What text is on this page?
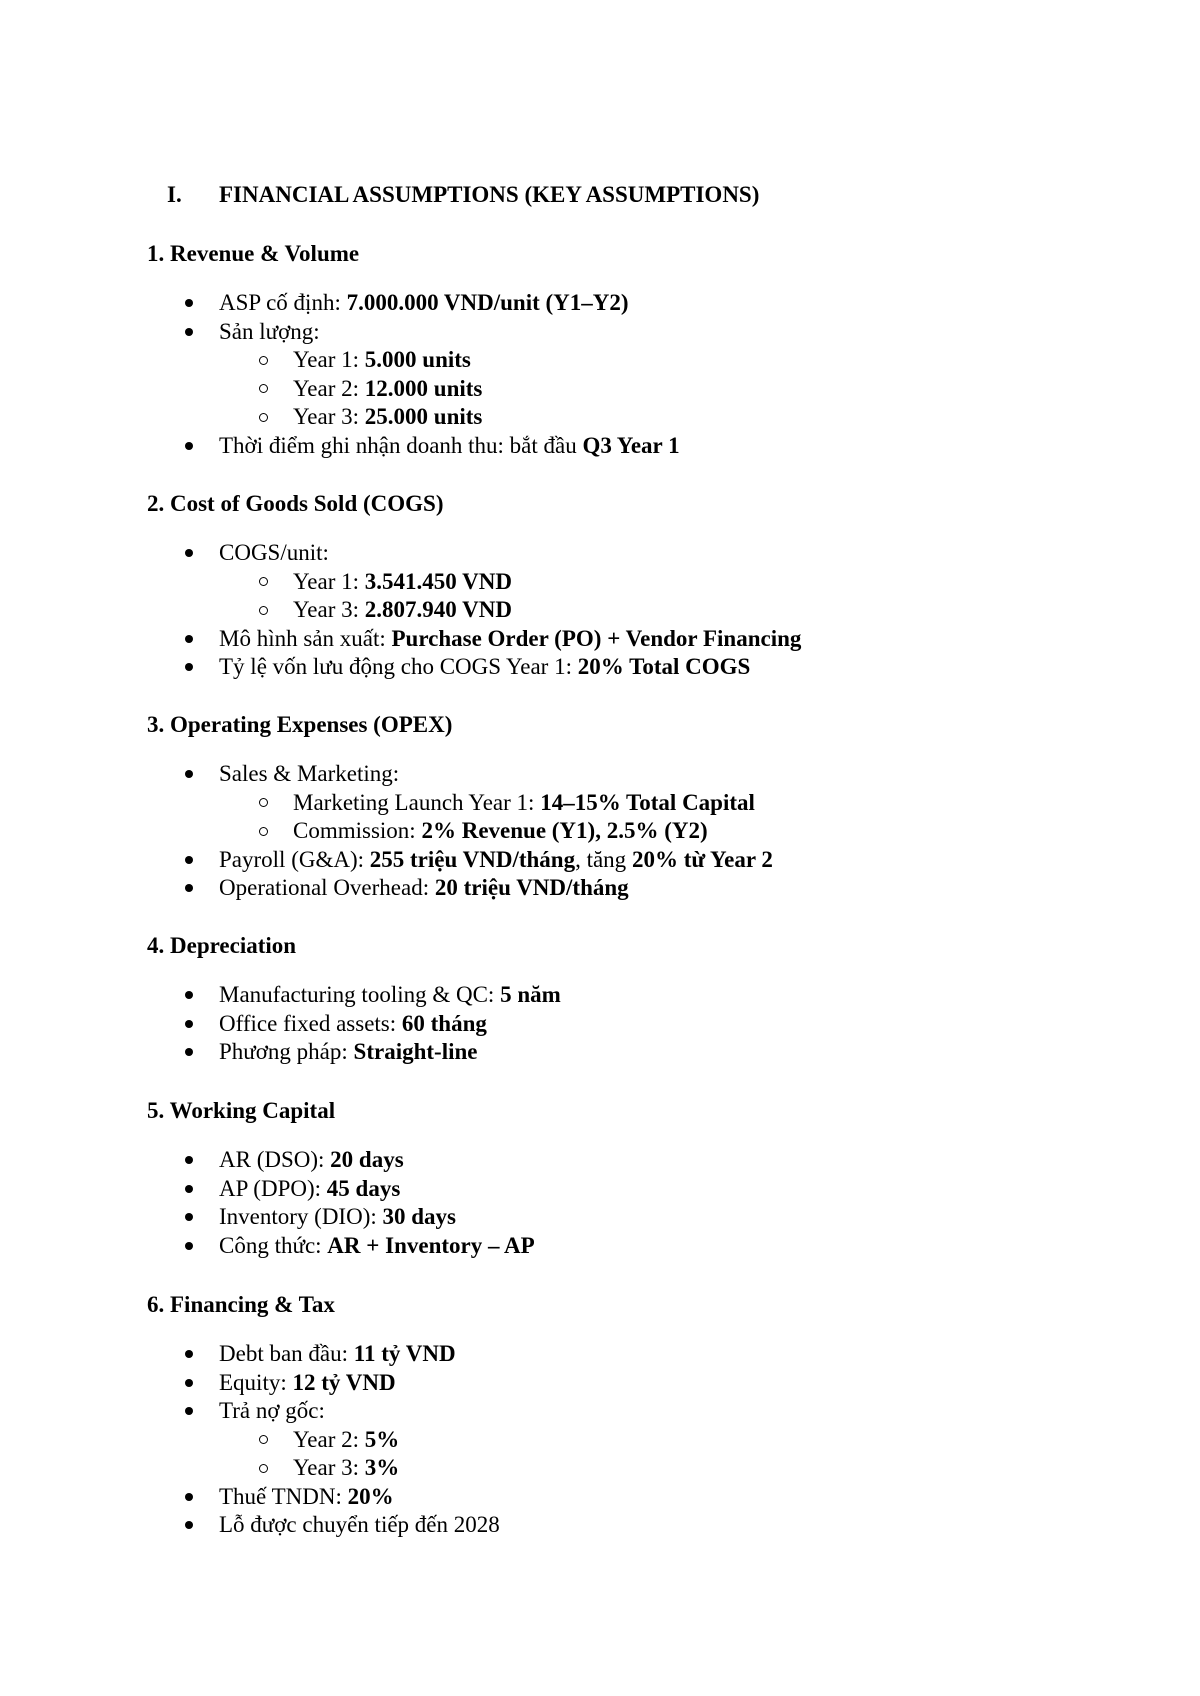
I. FINANCIAL ASSUMPTIONS (KEY ASSUMPTIONS)
1. Revenue & Volume
ASP cố định: 7.000.000 VND/unit (Y1–Y2)
Sản lượng:
Year 1: 5.000 units
Year 2: 12.000 units
Year 3: 25.000 units
Thời điểm ghi nhận doanh thu: bắt đầu Q3 Year 1
2. Cost of Goods Sold (COGS)
COGS/unit:
Year 1: 3.541.450 VND
Year 3: 2.807.940 VND
Mô hình sản xuất: Purchase Order (PO) + Vendor Financing
Tỷ lệ vốn lưu động cho COGS Year 1: 20% Total COGS
3. Operating Expenses (OPEX)
Sales & Marketing:
Marketing Launch Year 1: 14–15% Total Capital
Commission: 2% Revenue (Y1), 2.5% (Y2)
Payroll (G&A): 255 triệu VND/tháng, tăng 20% từ Year 2
Operational Overhead: 20 triệu VND/tháng
4. Depreciation
Manufacturing tooling & QC: 5 năm
Office fixed assets: 60 tháng
Phương pháp: Straight-line
5. Working Capital
AR (DSO): 20 days
AP (DPO): 45 days
Inventory (DIO): 30 days
Công thức: AR + Inventory – AP
6. Financing & Tax
Debt ban đầu: 11 tỷ VND
Equity: 12 tỷ VND
Trả nợ gốc:
Year 2: 5%
Year 3: 3%
Thuế TNDN: 20%
Lỗ được chuyển tiếp đến 2028
